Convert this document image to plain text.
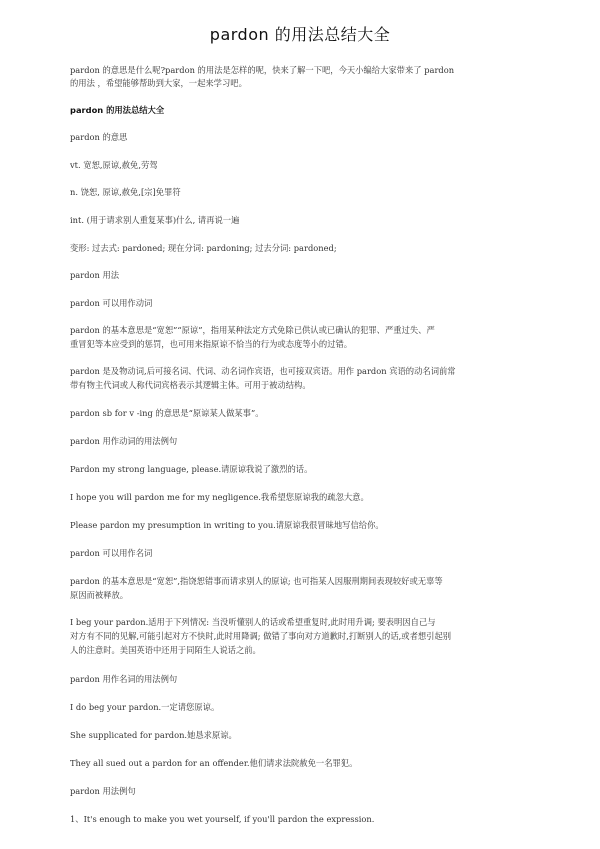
pardon 的用法总结大全
pardon 的意思是什么呢?pardon 的用法是怎样的呢，快来了解一下吧，今天小编给大家带来了 pardon
的用法 ，希望能够帮助到大家，一起来学习吧。
pardon 的用法总结大全
pardon 的意思
vt. 宽恕,原谅,赦免,劳驾
n. 饶恕, 原谅,赦免,[宗]免罪符
int. (用于请求别人重复某事)什么, 请再说一遍
变形: 过去式: pardoned; 现在分词: pardoning; 过去分词: pardoned;
pardon 用法
pardon 可以用作动词
pardon 的基本意思是“宽恕”“原谅”，指用某种法定方式免除已供认或已确认的犯罪、严重过失、严
重冒犯等本应受到的惩罚，也可用来指原谅不恰当的行为或态度等小的过错。
pardon 是及物动词,后可接名词、代词、动名词作宾语，也可接双宾语。用作 pardon 宾语的动名词前常
带有物主代词或人称代词宾格表示其逻辑主体。可用于被动结构。
pardon sb for v -ing 的意思是“原谅某人做某事”。
pardon 用作动词的用法例句
Pardon my strong language, please.请原谅我说了激烈的话。
I hope you will pardon me for my negligence.我希望您原谅我的疏忽大意。
Please pardon my presumption in writing to you.请原谅我很冒昧地写信给你。
pardon 可以用作名词
pardon 的基本意思是“宽恕”,指饶恕错事而请求别人的原谅; 也可指某人因服刑期间表现较好或无辜等
原因而被释放。
I beg your pardon.适用于下列情况: 当没听懂别人的话或希望重复时,此时用升调; 要表明因自己与
对方有不同的见解,可能引起对方不快时,此时用降调; 做错了事向对方道歉时,打断别人的话,或者想引起别
人的注意时。美国英语中还用于同陌生人说话之前。
pardon 用作名词的用法例句
I do beg your pardon.一定请您原谅。
She supplicated for pardon.她恳求原谅。
They all sued out a pardon for an offender.他们请求法院赦免一名罪犯。
pardon 用法例句
1、It's enough to make you wet yourself, if you'll pardon the expression.
